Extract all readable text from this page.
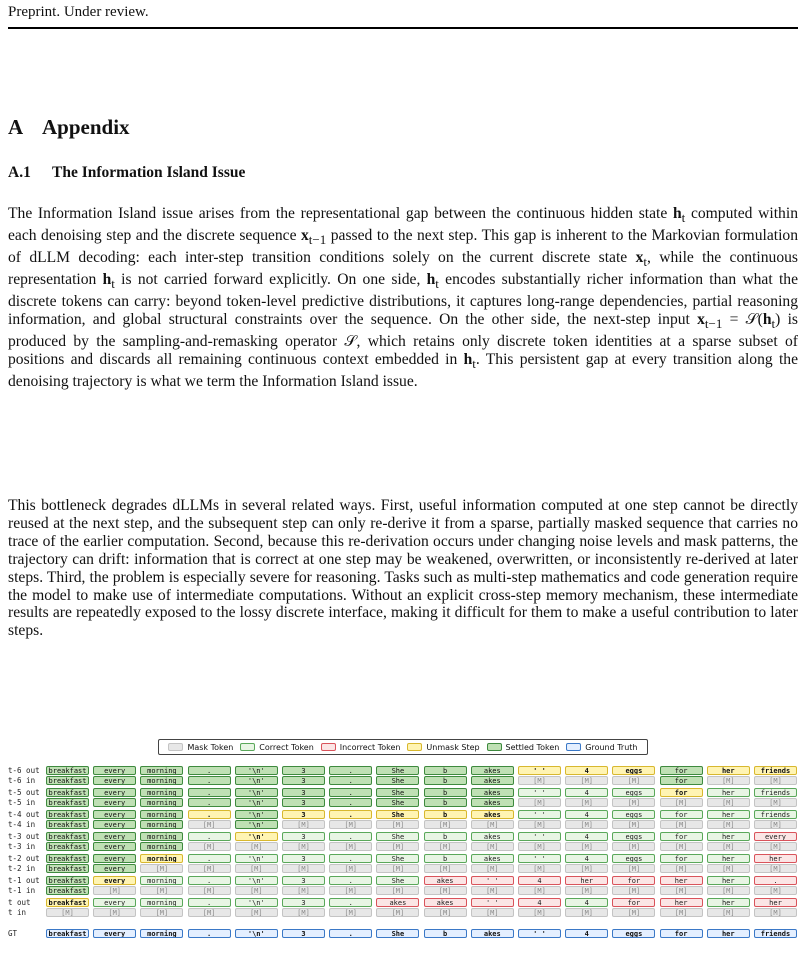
Preprint. Under review.
A Appendix
A.1 The Information Island Issue
The Information Island issue arises from the representational gap between the continuous hidden state $h_t$ computed within each denoising step and the discrete sequence $x_{t-1}$ passed to the next step. This gap is inherent to the Markovian formulation of dLLM decoding: each inter-step transition conditions solely on the current discrete state $x_t$, while the continuous representation $h_t$ is not carried forward explicitly. On one side, $h_t$ encodes substantially richer information than what the discrete tokens can carry: beyond token-level predictive distributions, it captures long-range dependencies, partial reasoning information, and global structural constraints over the sequence. On the other side, the next-step input $x_{t-1}$ = $𝒮(h_t)$ is produced by the sampling-and-remasking operator 𝒮, which retains only discrete token identities at a sparse subset of positions and discards all remaining continuous context embedded in $h_t$. This persistent gap at every transition along the denoising trajectory is what we term the Information Island issue.
This bottleneck degrades dLLMs in several related ways. First, useful information computed at one step cannot be directly reused at the next step, and the subsequent step can only re-derive it from a sparse, partially masked sequence that carries no trace of the earlier computation. Second, because this re-derivation occurs under changing noise levels and mask patterns, the trajectory can drift: information that is correct at one step may be weakened, overwritten, or inconsistently re-derived at later steps. Third, the problem is especially severe for reasoning. Tasks such as multi-step mathematics and code generation require the model to make use of intermediate computations. Without an explicit cross-step memory mechanism, these intermediate results are repeatedly exposed to the lossy discrete interface, making it difficult for them to make a useful contribution to later steps.
Mask Token	Correct Token	Incorrect Token	Unmask Step	Settled Token	Ground Truth
t-6 out	breakfast	every	morning	.	'\n'	3	.	She	b	akes	' '	4	eggs	for	her	friends
t-6 in	breakfast	every	morning	.	'\n'	3	.	She	b	akes	[M]	[M]	[M]	for	[M]	[M]
t-5 out	breakfast	every	morning	.	'\n'	3	.	She	b	akes	' '	4	eggs	for	her	friends
t-5 in	breakfast	every	morning	.	'\n'	3	.	She	b	akes	[M]	[M]	[M]	[M]	[M]	[M]
t-4 out	breakfast	every	morning	.	'\n'	3	.	She	b	akes	' '	4	eggs	for	her	friends
t-4 in	breakfast	every	morning	[M]	'\n'	[M]	[M]	[M]	[M]	[M]	[M]	[M]	[M]	[M]	[M]	[M]
t-3 out	breakfast	every	morning	.	'\n'	3	.	She	b	akes	' '	4	eggs	for	her	every
t-3 in	breakfast	every	morning	[M]	[M]	[M]	[M]	[M]	[M]	[M]	[M]	[M]	[M]	[M]	[M]	[M]
t-2 out	breakfast	every	morning	.	'\n'	3	.	She	b	akes	' '	4	eggs	for	her	her
t-2 in	breakfast	every	[M]	[M]	[M]	[M]	[M]	[M]	[M]	[M]	[M]	[M]	[M]	[M]	[M]	[M]
t-1 out	breakfast	every	morning	.	'\n'	3	.	She	akes	' '	4	her	for	her	her	.
t-1 in	breakfast	[M]	[M]	[M]	[M]	[M]	[M]	[M]	[M]	[M]	[M]	[M]	[M]	[M]	[M]	[M]
t out	breakfast	every	morning	.	'\n'	3	.	akes	akes	' '	4	4	for	her	her	her
t in	[M]	[M]	[M]	[M]	[M]	[M]	[M]	[M]	[M]	[M]	[M]	[M]	[M]	[M]	[M]	[M]
GT	breakfast	every	morning	.	'\n'	3	.	She	b	akes	' '	4	eggs	for	her	friends
